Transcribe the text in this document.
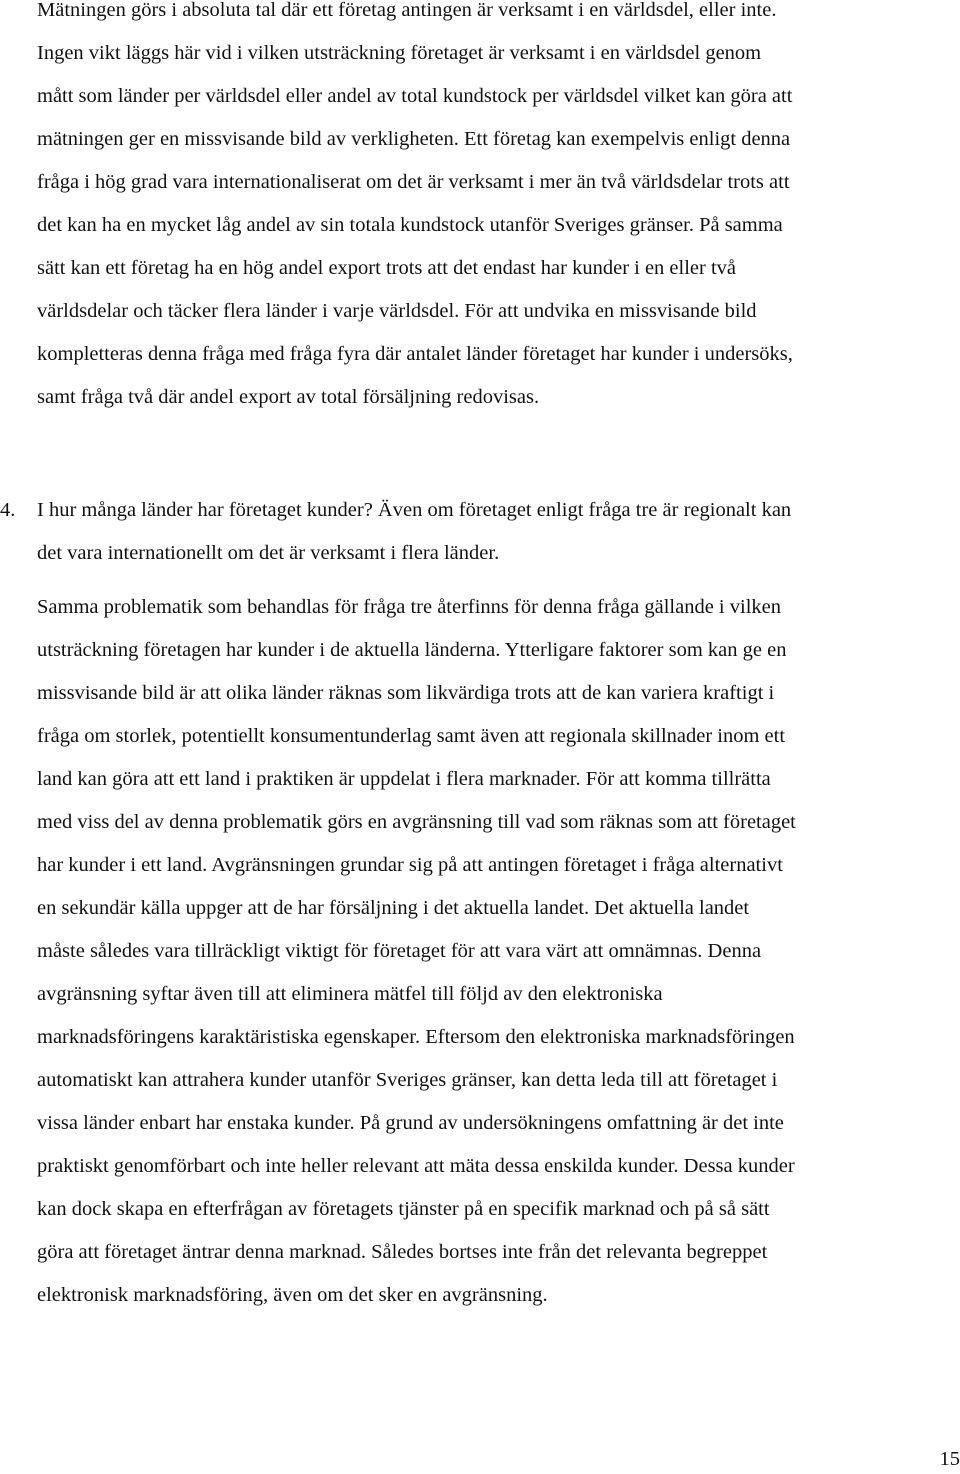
Mätningen görs i absoluta tal där ett företag antingen är verksamt i en världsdel, eller inte.
Ingen vikt läggs här vid i vilken utsträckning företaget är verksamt i en världsdel genom
mått som länder per världsdel eller andel av total kundstock per världsdel vilket kan göra att
mätningen ger en missvisande bild av verkligheten. Ett företag kan exempelvis enligt denna
fråga i hög grad vara internationaliserat om det är verksamt i mer än två världsdelar trots att
det kan ha en mycket låg andel av sin totala kundstock utanför Sveriges gränser. På samma
sätt kan ett företag ha en hög andel export trots att det endast har kunder i en eller två
världsdelar och täcker flera länder i varje världsdel. För att undvika en missvisande bild
kompletteras denna fråga med fråga fyra där antalet länder företaget har kunder i undersöks,
samt fråga två där andel export av total försäljning redovisas.
4.	I hur många länder har företaget kunder? Även om företaget enligt fråga tre är regionalt kan
det vara internationellt om det är verksamt i flera länder.
Samma problematik som behandlas för fråga tre återfinns för denna fråga gällande i vilken
utsträckning företagen har kunder i de aktuella länderna. Ytterligare faktorer som kan ge en
missvisande bild är att olika länder räknas som likvärdiga trots att de kan variera kraftigt i
fråga om storlek, potentiellt konsumentunderlag samt även att regionala skillnader inom ett
land kan göra att ett land i praktiken är uppdelat i flera marknader. För att komma tillrätta
med viss del av denna problematik görs en avgränsning till vad som räknas som att företaget
har kunder i ett land. Avgränsningen grundar sig på att antingen företaget i fråga alternativt
en sekundär källa uppger att de har försäljning i det aktuella landet. Det aktuella landet
måste således vara tillräckligt viktigt för företaget för att vara värt att omnämnas. Denna
avgränsning syftar även till att eliminera mätfel till följd av den elektroniska
marknadsföringens karaktäristiska egenskaper. Eftersom den elektroniska marknadsföringen
automatiskt kan attrahera kunder utanför Sveriges gränser, kan detta leda till att företaget i
vissa länder enbart har enstaka kunder. På grund av undersökningens omfattning är det inte
praktiskt genomförbart och inte heller relevant att mäta dessa enskilda kunder. Dessa kunder
kan dock skapa en efterfrågan av företagets tjänster på en specifik marknad och på så sätt
göra att företaget äntrar denna marknad. Således bortses inte från det relevanta begreppet
elektronisk marknadsföring, även om det sker en avgränsning.
15
